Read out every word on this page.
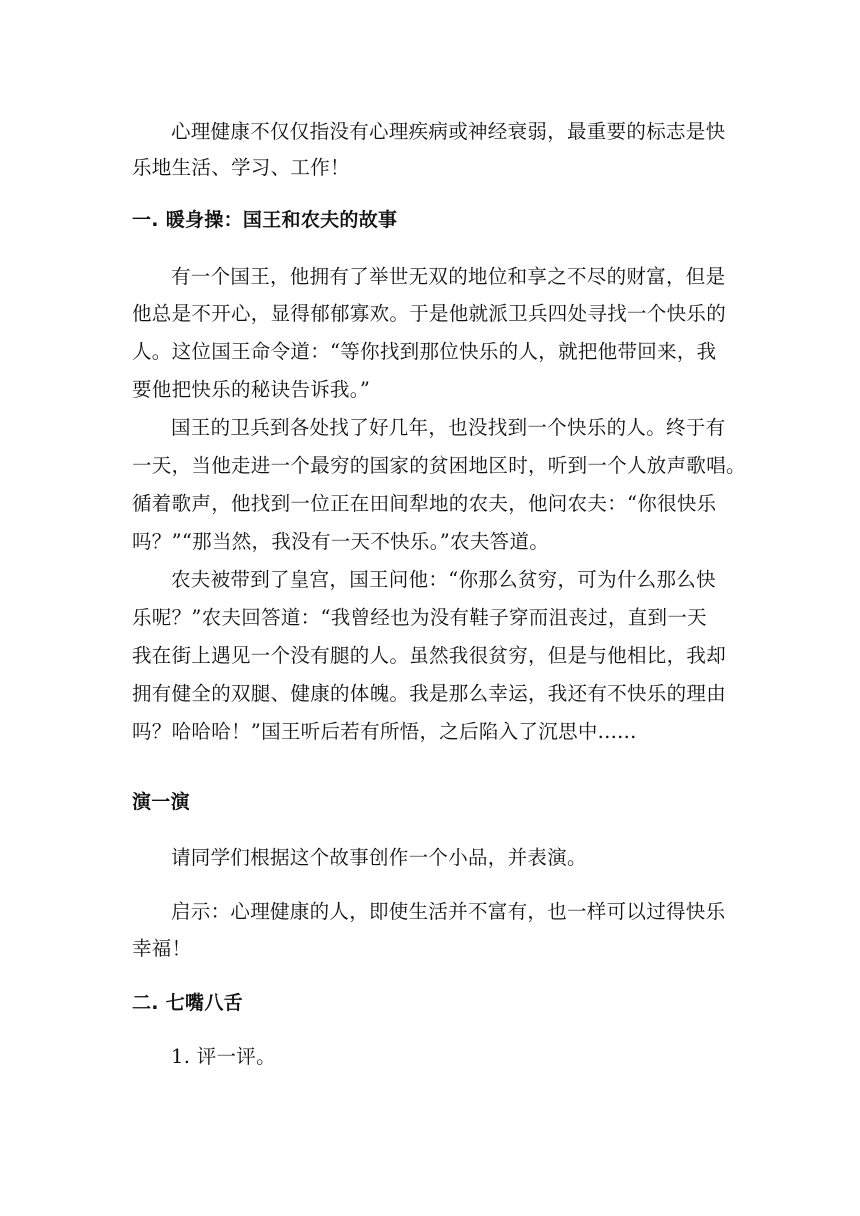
心理健康不仅仅指没有心理疾病或神经衰弱，最重要的标志是快
乐地生活、学习、工作！
一. 暖身操：国王和农夫的故事
有一个国王，他拥有了举世无双的地位和享之不尽的财富，但是
他总是不开心，显得郁郁寡欢。于是他就派卫兵四处寻找一个快乐的
人。这位国王命令道：“等你找到那位快乐的人，就把他带回来，我
要他把快乐的秘诀告诉我。”
国王的卫兵到各处找了好几年，也没找到一个快乐的人。终于有
一天，当他走进一个最穷的国家的贫困地区时，听到一个人放声歌唱。
循着歌声，他找到一位正在田间犁地的农夫，他问农夫：“你很快乐
吗？”“那当然，我没有一天不快乐。”农夫答道。
农夫被带到了皇宫，国王问他：“你那么贫穷，可为什么那么快
乐呢？”农夫回答道：“我曾经也为没有鞋子穿而沮丧过，直到一天
我在街上遇见一个没有腿的人。虽然我很贫穷，但是与他相比，我却
拥有健全的双腿、健康的体魄。我是那么幸运，我还有不快乐的理由
吗？哈哈哈！”国王听后若有所悟，之后陷入了沉思中......
演一演
请同学们根据这个故事创作一个小品，并表演。
启示：心理健康的人，即使生活并不富有，也一样可以过得快乐
幸福！
二. 七嘴八舌
1. 评一评。
